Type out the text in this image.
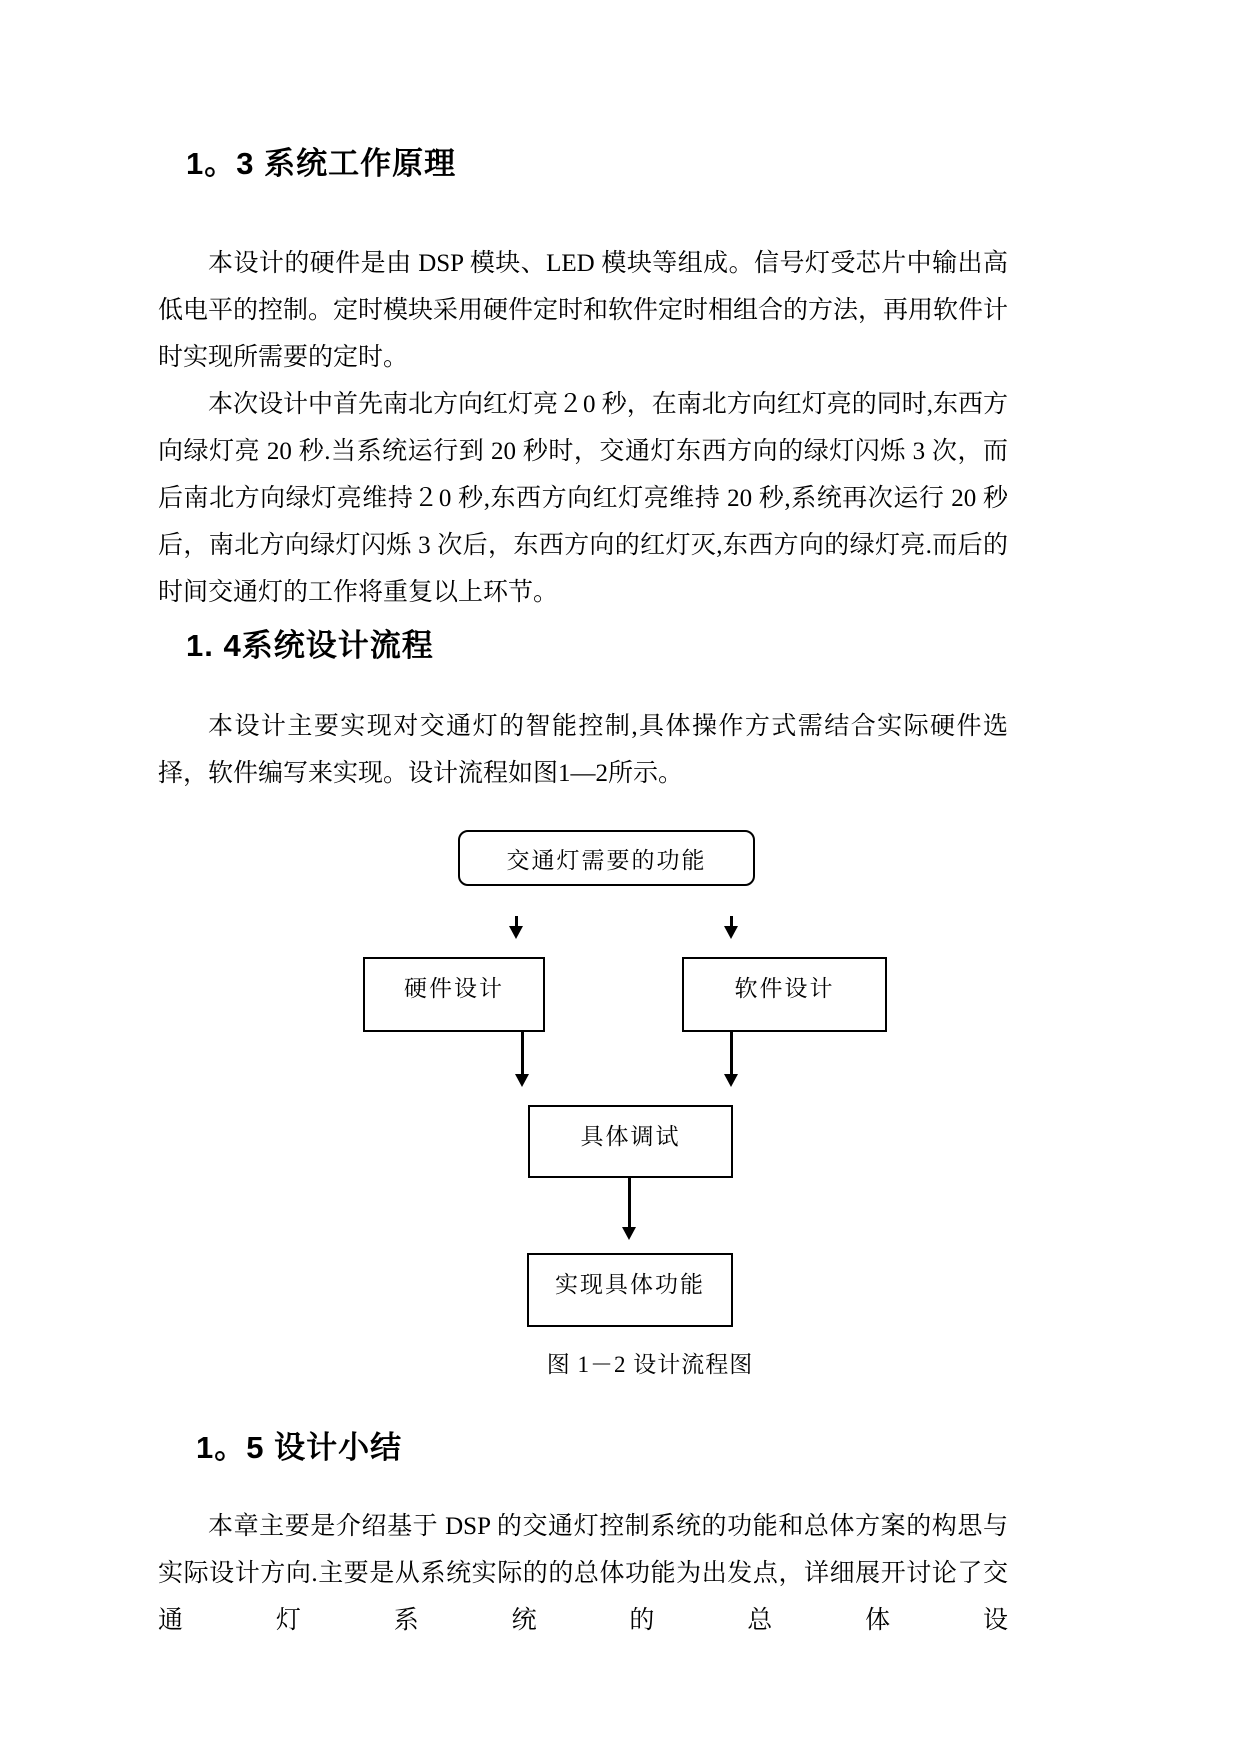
1。3 系统工作原理

本设计的硬件是由 DSP 模块、LED 模块等组成。信号灯受芯片中输出高低电平的控制。定时模块采用硬件定时和软件定时相组合的方法，再用软件计时实现所需要的定时。

本次设计中首先南北方向红灯亮２0 秒，在南北方向红灯亮的同时,东西方向绿灯亮 20 秒.当系统运行到 20 秒时，交通灯东西方向的绿灯闪烁 3 次，而后南北方向绿灯亮维持２0 秒,东西方向红灯亮维持 20 秒,系统再次运行 20 秒后，南北方向绿灯闪烁 3 次后，东西方向的红灯灭,东西方向的绿灯亮.而后的时间交通灯的工作将重复以上环节。

1. 4系统设计流程

本设计主要实现对交通灯的智能控制,具体操作方式需结合实际硬件选择，软件编写来实现。设计流程如图1—2所示。

交通灯需要的功能
硬件设计	软件设计
具体调试
实现具体功能
图 1－2 设计流程图
1。5 设计小结

本章主要是介绍基于 DSP 的交通灯控制系统的功能和总体方案的构思与实际设计方向.主要是从系统实际的的总体功能为出发点，详细展开讨论了交通灯系统的总体设
